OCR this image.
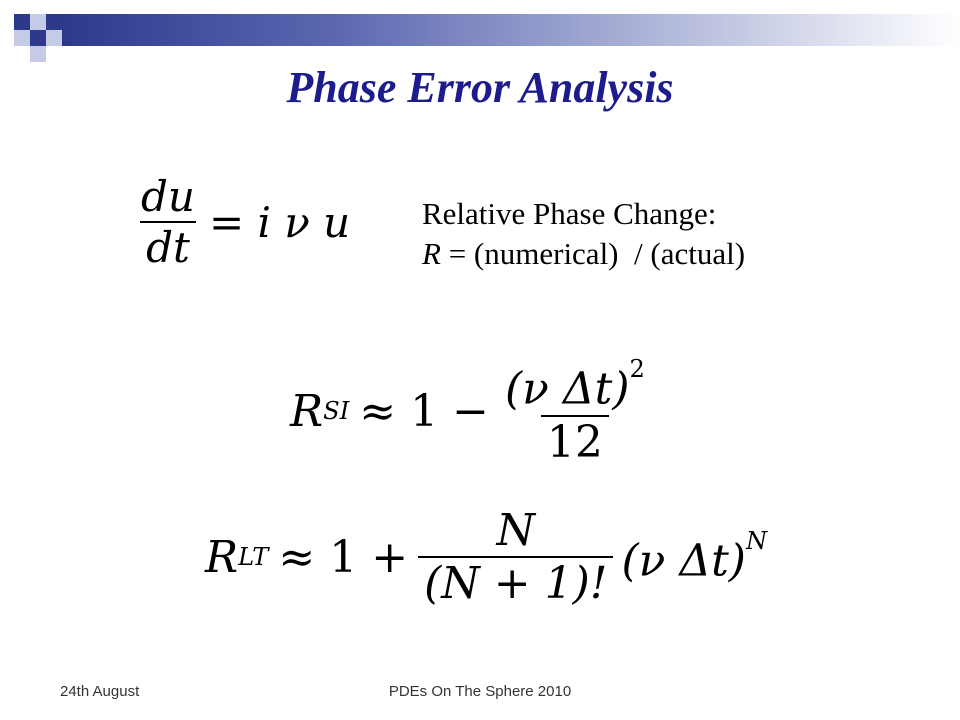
Phase Error Analysis
$\frac{du}{dt} = i$ ν u Relative Phase Change:
R = (numerical)  / (actual)
R SI ≈ $1 - \frac{(\nu \Delta t)^2}{12}$
R LT ≈ $1 + \frac{N}{(N + 1)!} (\nu$ Δt)$^N$
24th August	PDEs On The Sphere 2010
